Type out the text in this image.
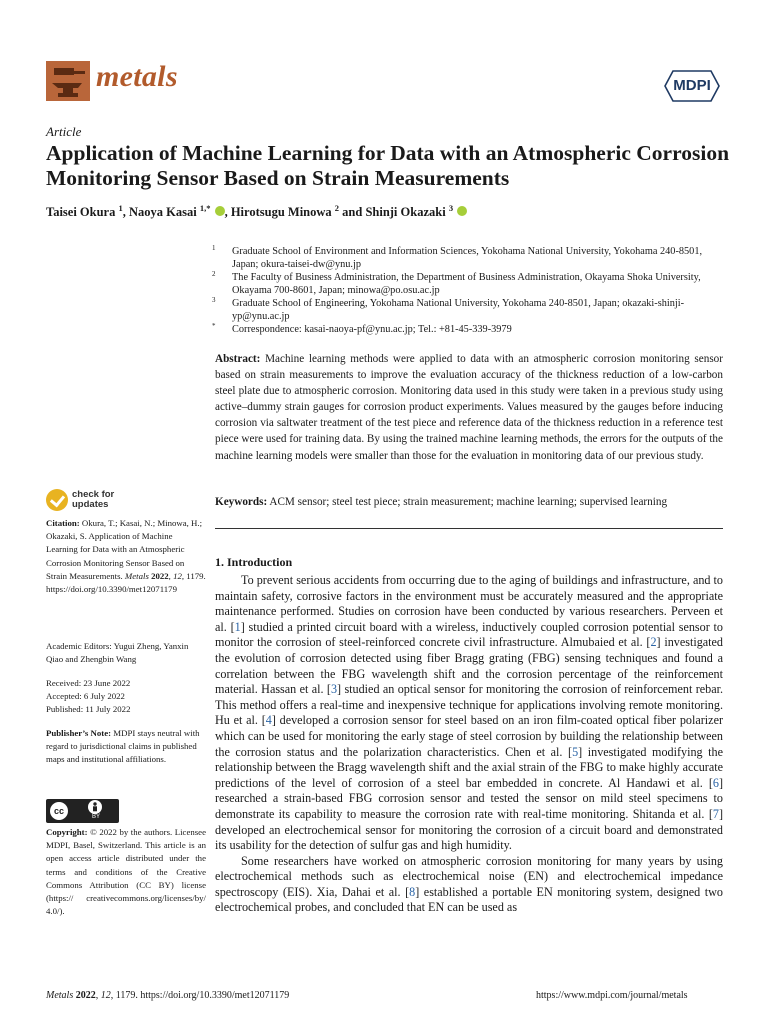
metals	MDPI
Article
Application of Machine Learning for Data with an Atmospheric Corrosion Monitoring Sensor Based on Strain Measurements
Taisei Okura $^1$, Naoya Kasai $^{1,*}$ , Hirotsugu Minowa $^2$ and Shinji Okazaki $^3$
1 Graduate School of Environment and Information Sciences, Yokohama National University, Yokohama 240-8501, Japan; okura-taisei-dw@ynu.jp
2 The Faculty of Business Administration, the Department of Business Administration, Okayama Shoka University, Okayama 700-8601, Japan; minowa@po.osu.ac.jp
3 Graduate School of Engineering, Yokohama National University, Yokohama 240-8501, Japan; okazaki-shinji-yp@ynu.ac.jp
* Correspondence: kasai-naoya-pf@ynu.ac.jp; Tel.: +81-45-339-3979
Abstract: Machine learning methods were applied to data with an atmospheric corrosion monitoring sensor based on strain measurements to improve the evaluation accuracy of the thickness reduction of a low-carbon steel plate due to atmospheric corrosion. Monitoring data used in this study were taken in a previous study using active–dummy strain gauges for corrosion product experiments. Values measured by the gauges before inducing corrosion via saltwater treatment of the test piece and reference data of the thickness reduction in a reference test piece were used for training data. By using the trained machine learning methods, the errors for the outputs of the machine learning models were smaller than those for the evaluation in monitoring data of our previous study.
Keywords: ACM sensor; steel test piece; strain measurement; machine learning; supervised learning
check for
updates
Citation: Okura, T.; Kasai, N.; Minowa, H.; Okazaki, S. Application of Machine Learning for Data with an Atmospheric Corrosion Monitoring Sensor Based on Strain Measurements. Metals 2022, 12, 1179. https://doi.org/10.3390/met12071179
Academic Editors: Yugui Zheng, Yanxin Qiao and Zhengbin Wang
Received: 23 June 2022
Accepted: 6 July 2022
Published: 11 July 2022
Publisher’s Note: MDPI stays neutral with regard to jurisdictional claims in published maps and institutional affiliations.
cc
BY
Copyright: © 2022 by the authors. Licensee MDPI, Basel, Switzerland. This article is an open access article distributed under the terms and conditions of the Creative Commons Attribution (CC BY) license (https:// creativecommons.org/licenses/by/ 4.0/).
1. Introduction

To prevent serious accidents from occurring due to the aging of buildings and infrastructure, and to maintain safety, corrosive factors in the environment must be accurately measured and the appropriate maintenance performed. Studies on corrosion have been conducted by various researchers. Perveen et al. [1] studied a printed circuit board with a wireless, inductively coupled corrosion potential sensor to monitor the corrosion of steel-reinforced concrete civil infrastructure. Almubaied et al. [2] investigated the evolution of corrosion detected using fiber Bragg grating (FBG) sensing techniques and found a correlation between the FBG wavelength shift and the corrosion percentage of the reinforcement material. Hassan et al. [3] studied an optical sensor for monitoring the corrosion of reinforcement rebar. This method offers a real-time and inexpensive technique for applications involving remote monitoring. Hu et al. [4] developed a corrosion sensor for steel based on an iron film-coated optical fiber polarizer which can be used for monitoring the early stage of steel corrosion by building the relationship between the corrosion status and the polarization characteristics. Chen et al. [5] investigated modifying the relationship between the Bragg wavelength shift and the axial strain of the FBG to make highly accurate predictions of the level of corrosion of a steel bar embedded in concrete. Al Handawi et al. [6] researched a strain-based FBG corrosion sensor and tested the sensor on mild steel specimens to demonstrate its capability to measure the corrosion rate with real-time monitoring. Shitanda et al. [7] developed an electrochemical sensor for monitoring the corrosion of a circuit board and demonstrated its usability for the detection of sulfur gas and high humidity.

Some researchers have worked on atmospheric corrosion monitoring for many years by using electrochemical methods such as electrochemical noise (EN) and electrochemical impedance spectroscopy (EIS). Xia, Dahai et al. [8] established a portable EN monitoring system, designed two electrochemical probes, and concluded that EN can be used as

Metals 2022, 12, 1179. https://doi.org/10.3390/met12071179	https://www.mdpi.com/journal/metals
